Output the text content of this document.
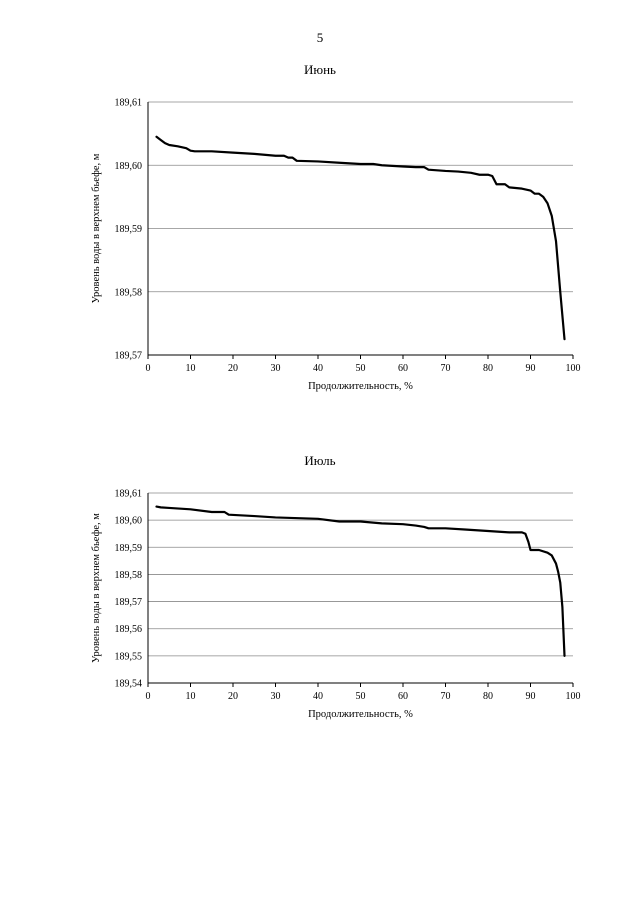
5
Июнь
189,57
189,58
189,59
189,60
189,61
0	10	20	30	40	50	60	70	80	90	100
Продолжительность, %
Уровень воды в верхнем бьефе, м
Июль
189,54
189,55
189,56
189,57
189,58
189,59
189,60
189,61
0	10	20	30	40	50	60	70	80	90	100
Продолжительность, %
Уровень воды в верхнем бьефе, м
